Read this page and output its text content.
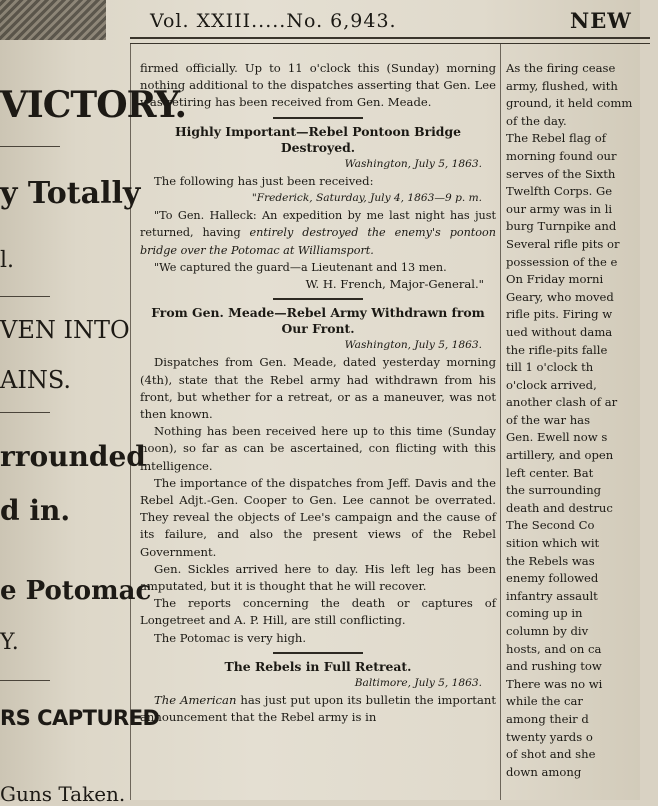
Vol. XXIII.....No. 6,943.	NEW
VICTORY.
y Totally
l.
VEN INTO
AINS.
rrounded
d in.
e Potomac
Y.
RS CAPTURED
Guns Taken.

firmed officially. Up to 11 o'clock this (Sunday) morning nothing additional to the dispatches asserting that Gen. Lee was retiring has been received from Gen. Meade.

Highly Important—Rebel Pontoon Bridge Destroyed.

Washington, July 5, 1863.

The following has just been received:

"Frederick, Saturday, July 4, 1863—9 p. m.

"To Gen. Halleck: An expedition by me last night has just returned, having entirely destroyed the enemy's pontoon bridge over the Potomac at Williamsport.

"We captured the guard—a Lieutenant and 13 men.

W. H. French, Major-General."

From Gen. Meade—Rebel Army Withdrawn from Our Front.

Washington, July 5, 1863.

Dispatches from Gen. Meade, dated yesterday morning (4th), state that the Rebel army had withdrawn from his front, but whether for a retreat, or as a maneuver, was not then known.

Nothing has been received here up to this time (Sunday noon), so far as can be ascertained, con flicting with this intelligence.

The importance of the dispatches from Jeff. Davis and the Rebel Adjt.-Gen. Cooper to Gen. Lee cannot be overrated. They reveal the objects of Lee's campaign and the cause of its failure, and also the present views of the Rebel Government.

Gen. Sickles arrived here to day. His left leg has been amputated, but it is thought that he will recover.

The reports concerning the death or captures of Longetreet and A. P. Hill, are still conflicting.

The Potomac is very high.

The Rebels in Full Retreat.

Baltimore, July 5, 1863.

The American has just put upon its bulletin the important announcement that the Rebel army is in

As the firing cease
army, flushed, with
ground, it held comm
of the day.
The Rebel flag of
morning found our
serves of the Sixth
Twelfth Corps. Ge
our army was in li
burg Turnpike and
Several rifle pits or
possession of the e
On Friday morni
Geary, who moved
rifle pits. Firing w
ued without dama
the rifle-pits falle
till 1 o'clock th
o'clock arrived,
another clash of ar
of the war has
Gen. Ewell now s
artillery, and open
left center. Bat
the surrounding
death and destruc
The Second Co
sition which wit
the Rebels was
enemy followed
infantry assault
coming up in
column by div
hosts, and on ca
and rushing tow
There was no wi
while the car
among their d
twenty yards o
of shot and she
down among
